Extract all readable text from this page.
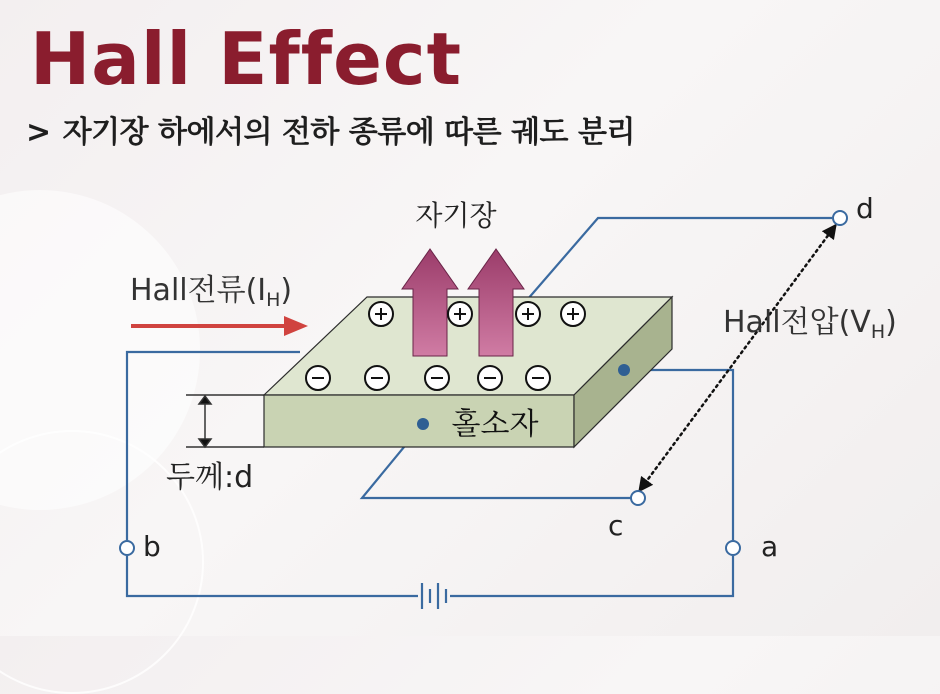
Hall Effect
> 자기장 하에서의 전하 종류에 따른 궤도 분리
자기장
Hall전류$(I_H)$
Hall전압$(V_H)$
홀소자
두께:d
d
c
b	a
